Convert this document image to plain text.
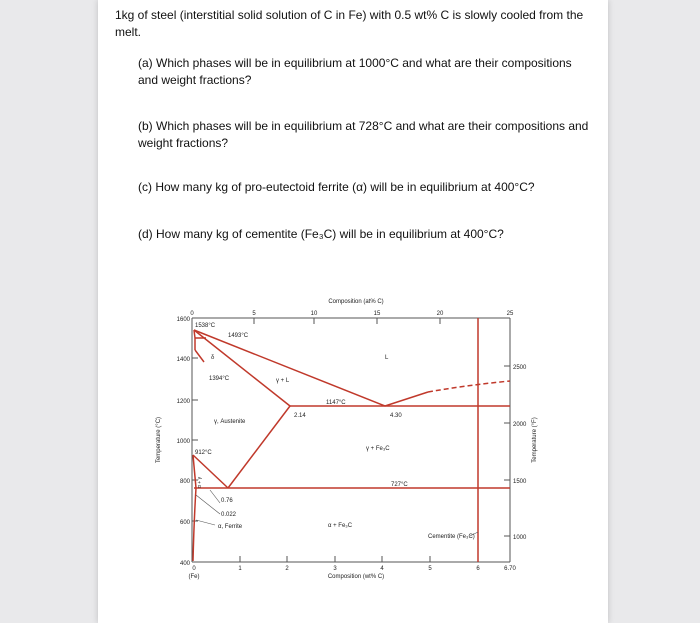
1kg of steel (interstitial solid solution of C in Fe) with 0.5 wt% C is slowly cooled from the melt.
(a) Which phases will be in equilibrium at 1000°C and what are their compositions and weight fractions?
(b) Which phases will be in equilibrium at 728°C and what are their compositions and weight fractions?
(c) How many kg of pro-eutectoid ferrite (α) will be in equilibrium at 400°C?
(d) How many kg of cementite (Fe₃C) will be in equilibrium at 400°C?
Composition (at% C)
0	5	10	15	20	25
0	1	2	3	4	5	6	6.70
(Fe)	Composition (wt% C)
1600
1400
1200
1000
800
600
400
Temperature (°C)
2500
2000
1500
1000
Temperature (°F)
1538°C
1493°C
δ	L
1394°C	γ + L
1147°C
2.14	4.30
γ, Austenite
γ + Fe₃C
912°C
727°C
α + γ
0.76
0.022
α, Ferrite	α + Fe₃C
Cementite (Fe₃C)
